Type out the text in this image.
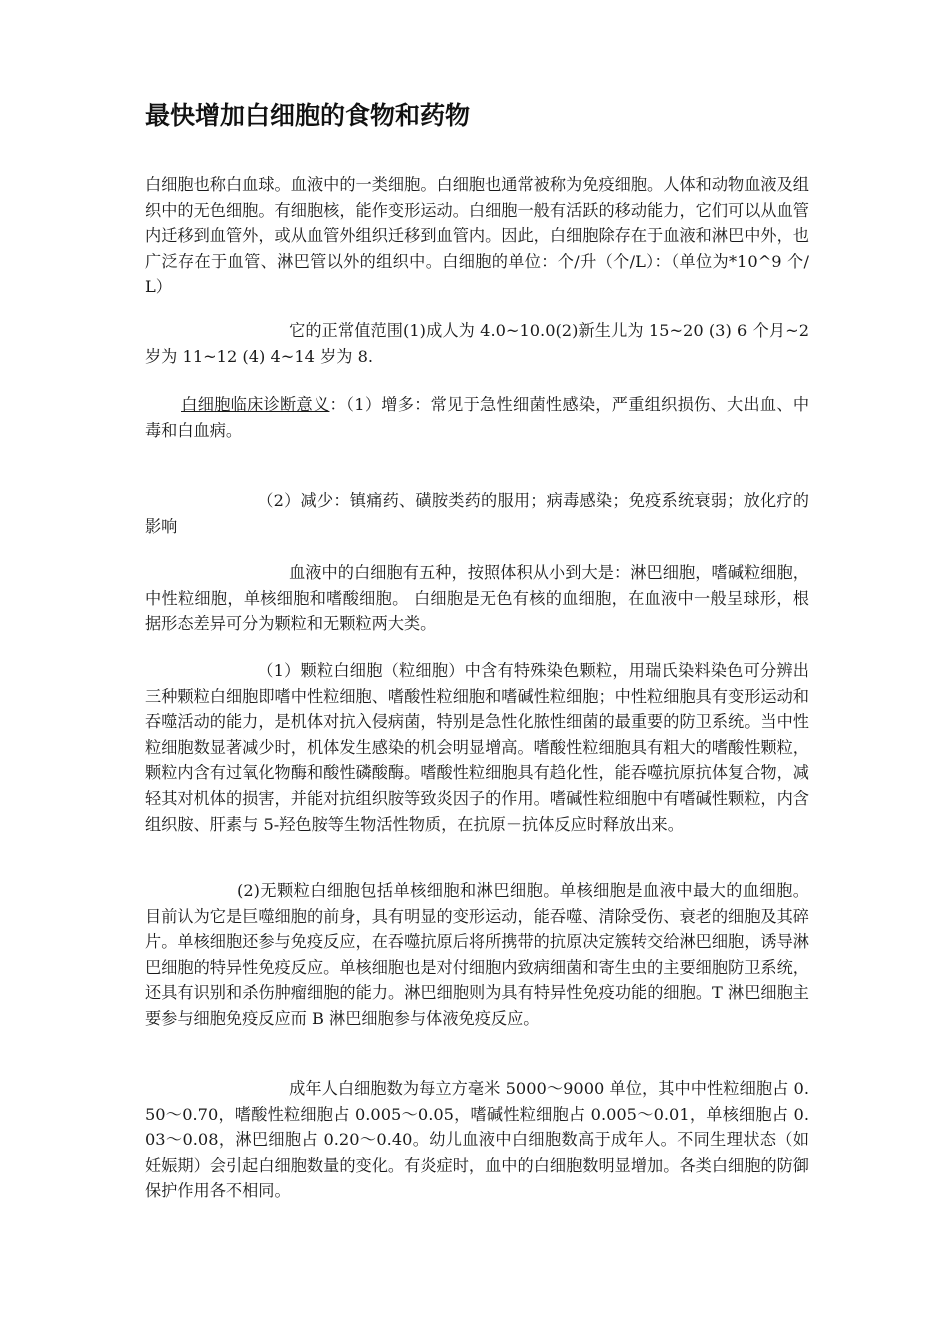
最快增加白细胞的食物和药物

白细胞也称白血球。血液中的一类细胞。白细胞也通常被称为免疫细胞。人体和动物血液及组织中的无色细胞。有细胞核，能作变形运动。白细胞一般有活跃的移动能力，它们可以从血管内迁移到血管外，或从血管外组织迁移到血管内。因此，白细胞除存在于血液和淋巴中外，也广泛存在于血管、淋巴管以外的组织中。白细胞的单位：个/升（个/L）：（单位为*10^9 个/L）

它的正常值范围(1)成人为 4.0~10.0(2)新生儿为 15~20 (3) 6 个月~2 岁为 11~12 (4) 4~14 岁为 8.

白细胞临床诊断意义：（1）增多：常见于急性细菌性感染，严重组织损伤、大出血、中毒和白血病。

（2）减少：镇痛药、磺胺类药的服用；病毒感染；免疫系统衰弱；放化疗的影响

血液中的白细胞有五种，按照体积从小到大是：淋巴细胞，嗜碱粒细胞，中性粒细胞，单核细胞和嗜酸细胞。 白细胞是无色有核的血细胞，在血液中一般呈球形，根据形态差异可分为颗粒和无颗粒两大类。

（1）颗粒白细胞（粒细胞）中含有特殊染色颗粒，用瑞氏染料染色可分辨出三种颗粒白细胞即嗜中性粒细胞、嗜酸性粒细胞和嗜碱性粒细胞；中性粒细胞具有变形运动和吞噬活动的能力，是机体对抗入侵病菌，特别是急性化脓性细菌的最重要的防卫系统。当中性粒细胞数显著减少时，机体发生感染的机会明显增高。嗜酸性粒细胞具有粗大的嗜酸性颗粒，颗粒内含有过氧化物酶和酸性磷酸酶。嗜酸性粒细胞具有趋化性，能吞噬抗原抗体复合物，减轻其对机体的损害，并能对抗组织胺等致炎因子的作用。嗜碱性粒细胞中有嗜碱性颗粒，内含组织胺、肝素与 5-羟色胺等生物活性物质，在抗原－抗体反应时释放出来。

(2)无颗粒白细胞包括单核细胞和淋巴细胞。单核细胞是血液中最大的血细胞。目前认为它是巨噬细胞的前身，具有明显的变形运动，能吞噬、清除受伤、衰老的细胞及其碎片。单核细胞还参与免疫反应，在吞噬抗原后将所携带的抗原决定簇转交给淋巴细胞，诱导淋巴细胞的特异性免疫反应。单核细胞也是对付细胞内致病细菌和寄生虫的主要细胞防卫系统，还具有识别和杀伤肿瘤细胞的能力。淋巴细胞则为具有特异性免疫功能的细胞。T 淋巴细胞主要参与细胞免疫反应而 B 淋巴细胞参与体液免疫反应。

成年人白细胞数为每立方毫米 5000～9000 单位，其中中性粒细胞占 0.50～0.70，嗜酸性粒细胞占 0.005～0.05，嗜碱性粒细胞占 0.005～0.01，单核细胞占 0.03～0.08，淋巴细胞占 0.20～0.40。幼儿血液中白细胞数高于成年人。不同生理状态（如妊娠期）会引起白细胞数量的变化。有炎症时，血中的白细胞数明显增加。各类白细胞的防御保护作用各不相同。
